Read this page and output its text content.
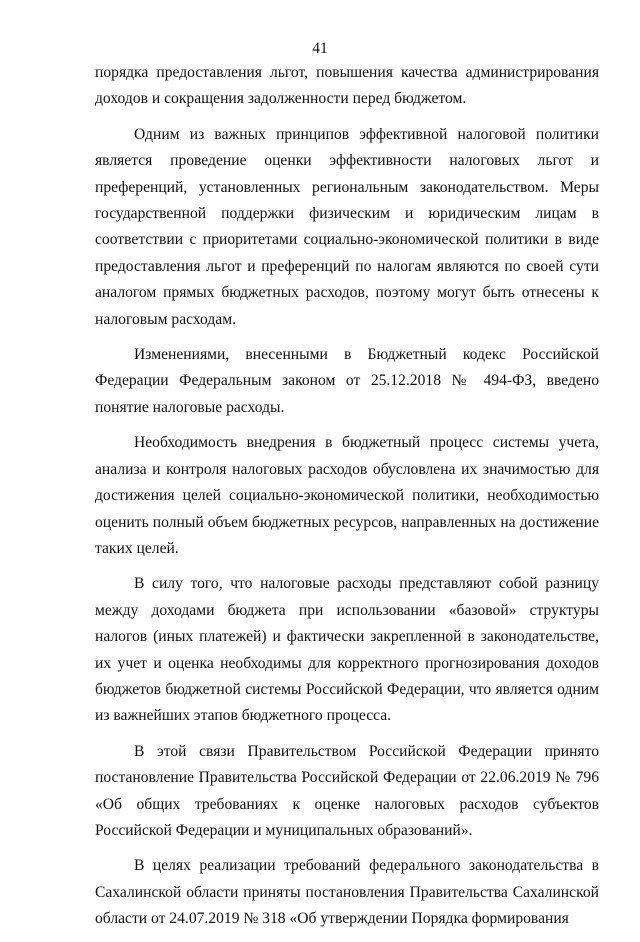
41

порядка предоставления льгот, повышения качества администрирования доходов и сокращения задолженности перед бюджетом.

Одним из важных принципов эффективной налоговой политики является проведение оценки эффективности налоговых льгот и преференций, установленных региональным законодательством. Меры государственной поддержки физическим и юридическим лицам в соответствии с приоритетами социально-экономической политики в виде предоставления льгот и преференций по налогам являются по своей сути аналогом прямых бюджетных расходов, поэтому могут быть отнесены к налоговым расходам.

Изменениями, внесенными в Бюджетный кодекс Российской Федерации Федеральным законом от 25.12.2018 № 494-ФЗ, введено понятие налоговые расходы.

Необходимость внедрения в бюджетный процесс системы учета, анализа и контроля налоговых расходов обусловлена их значимостью для достижения целей социально-экономической политики, необходимостью оценить полный объем бюджетных ресурсов, направленных на достижение таких целей.

В силу того, что налоговые расходы представляют собой разницу между доходами бюджета при использовании «базовой» структуры налогов (иных платежей) и фактически закрепленной в законодательстве, их учет и оценка необходимы для корректного прогнозирования доходов бюджетов бюджетной системы Российской Федерации, что является одним из важнейших этапов бюджетного процесса.

В этой связи Правительством Российской Федерации принято постановление Правительства Российской Федерации от 22.06.2019 № 796 «Об общих требованиях к оценке налоговых расходов субъектов Российской Федерации и муниципальных образований».

В целях реализации требований федерального законодательства в Сахалинской области приняты постановления Правительства Сахалинской области от 24.07.2019 № 318 «Об утверждении Порядка формирования
